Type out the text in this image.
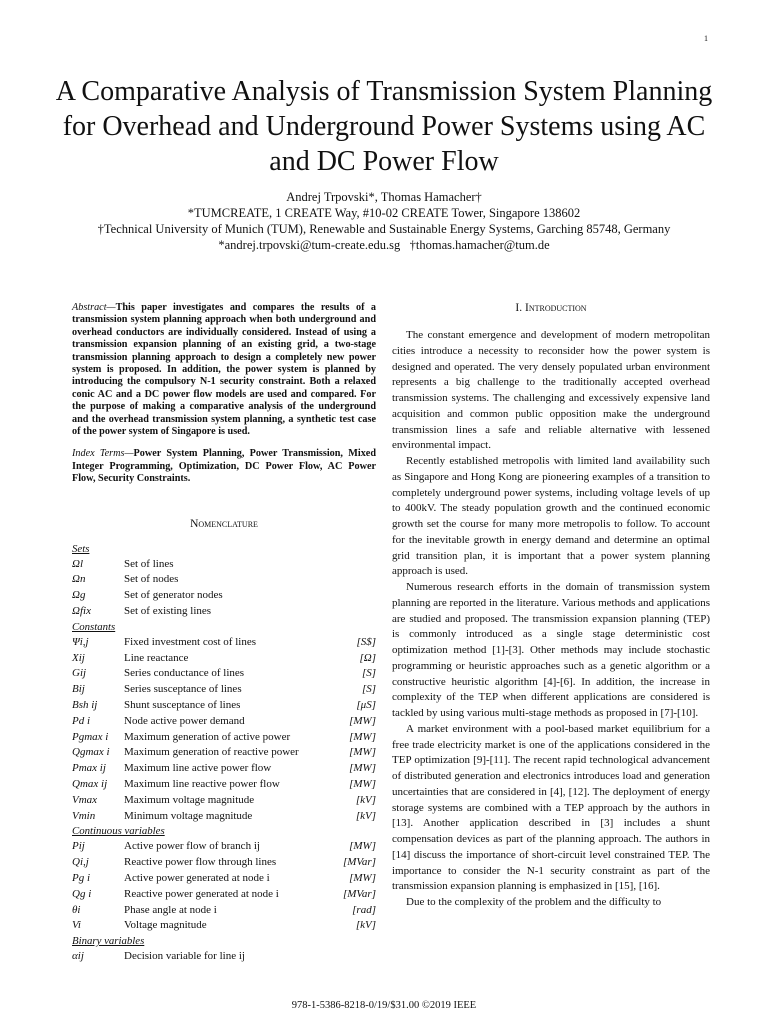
1
A Comparative Analysis of Transmission System Planning for Overhead and Underground Power Systems using AC and DC Power Flow
Andrej Trpovski*, Thomas Hamacher†
*TUMCREATE, 1 CREATE Way, #10-02 CREATE Tower, Singapore 138602
†Technical University of Munich (TUM), Renewable and Sustainable Energy Systems, Garching 85748, Germany
*andrej.trpovski@tum-create.edu.sg   †thomas.hamacher@tum.de

Abstract—This paper investigates and compares the results of a transmission system planning approach when both underground and overhead conductors are individually considered. Instead of using a transmission expansion planning of an existing grid, a two-stage transmission planning approach to design a completely new power system is proposed. In addition, the power system is planned by introducing the compulsory N-1 security constraint. Both a relaxed conic AC and a DC power flow models are used and compared. For the purpose of making a comparative analysis of the underground and the overhead transmission system planning, a synthetic test case of the power system of Singapore is used.

Index Terms—Power System Planning, Power Transmission, Mixed Integer Programming, Optimization, DC Power Flow, AC Power Flow, Security Constraints.

Nomenclature
Sets
Ωl	Set of lines
Ωn	Set of nodes
Ωg	Set of generator nodes
Ωfix	Set of existing lines
Constants
Ψi,j	Fixed investment cost of lines	[S$]
Xij	Line reactance	[Ω]
Gij	Series conductance of lines	[S]
Bij	Series susceptance of lines	[S]
Bsh ij	Shunt susceptance of lines	[μS]
Pd i	Node active power demand	[MW]
Pgmax i	Maximum generation of active power	[MW]
Qgmax i	Maximum generation of reactive power	[MW]
Pmax ij	Maximum line active power flow	[MW]
Qmax ij	Maximum line reactive power flow	[MW]
Vmax	Maximum voltage magnitude	[kV]
Vmin	Minimum voltage magnitude	[kV]
Continuous variables
Pij	Active power flow of branch ij	[MW]
Qi,j	Reactive power flow through lines	[MVar]
Pg i	Active power generated at node i	[MW]
Qg i	Reactive power generated at node i	[MVar]
θi	Phase angle at node i	[rad]
Vi	Voltage magnitude	[kV]
Binary variables
αij	Decision variable for line ij
I. Introduction

The constant emergence and development of modern metropolitan cities introduce a necessity to reconsider how the power system is designed and operated. The very densely populated urban environment represents a big challenge to the traditionally accepted overhead transmission systems. The challenging and excessively expensive land acquisition and common public opposition make the underground transmission lines a safe and reliable alternative with lessened environmental impact.

Recently established metropolis with limited land availability such as Singapore and Hong Kong are pioneering examples of a transition to completely underground power systems, including voltage levels of up to 400kV. The steady population growth and the continued economic growth set the course for many more metropolis to follow. To account for the inevitable growth in energy demand and determine an optimal grid transition plan, it is important that a power system planning approach is used.

Numerous research efforts in the domain of transmission system planning are reported in the literature. Various methods and applications are studied and proposed. The transmission expansion planning (TEP) is commonly introduced as a single stage deterministic cost optimization method [1]-[3]. Other methods may include stochastic programming or heuristic approaches such as a genetic algorithm or a constructive heuristic algorithm [4]-[6]. In addition, the increase in complexity of the TEP when different applications are considered is tackled by using various multi-stage methods as proposed in [7]-[10].

A market environment with a pool-based market equilibrium for a free trade electricity market is one of the applications considered in the TEP optimization [9]-[11]. The recent rapid technological advancement of distributed generation and electronics introduces load and generation uncertainties that are considered in [4], [12]. The deployment of energy storage systems are combined with a TEP approach by the authors in [13]. Another application described in [3] includes a shunt compensation devices as part of the planning approach. The authors in [14] discuss the importance of short-circuit level constrained TEP. The importance to consider the N-1 security constraint as part of the transmission expansion planning is emphasized in [15], [16].

Due to the complexity of the problem and the difficulty to

978-1-5386-8218-0/19/$31.00 ©2019 IEEE
